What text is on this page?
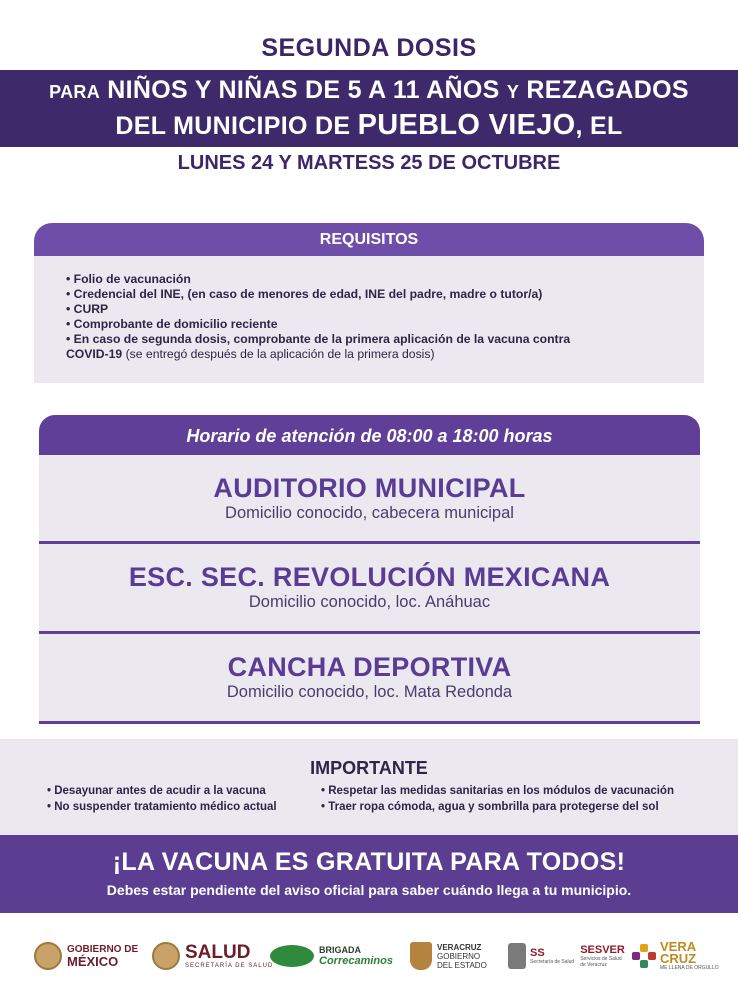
SEGUNDA DOSIS
PARA NIÑOS Y NIÑAS DE 5 A 11 AÑOS Y REZAGADOS
DEL MUNICIPIO DE PUEBLO VIEJO, EL
LUNES 24 Y MARTESS 25 DE OCTUBRE
REQUISITOS
• Folio de vacunación
• Credencial del INE, (en caso de menores de edad, INE del padre, madre o tutor/a)
• CURP
• Comprobante de domicilio reciente
• En caso de segunda dosis, comprobante de la primera aplicación de la vacuna contra
COVID-19 (se entregó después de la aplicación de la primera dosis)
Horario de atención de 08:00 a 18:00 horas
AUDITORIO MUNICIPAL
Domicilio conocido, cabecera municipal
ESC. SEC. REVOLUCIÓN MEXICANA
Domicilio conocido, loc. Anáhuac
CANCHA DEPORTIVA
Domicilio conocido, loc. Mata Redonda
IMPORTANTE
• Desayunar antes de acudir a la vacuna
• No suspender tratamiento médico actual
• Respetar las medidas sanitarias en los módulos de vacunación
• Traer ropa cómoda, agua y sombrilla para protegerse del sol
¡LA VACUNA ES GRATUITA PARA TODOS!
Debes estar pendiente del aviso oficial para saber cuándo llega a tu municipio.
GOBIERNO DE
MÉXICO	SALUD
SECRETARÍA DE SALUD
BRIGADA
Correcaminos
VERACRUZ
GOBIERNO
DEL ESTADO
SS
Secretaría de Salud
SESVER
Servicios de Salud de Veracruz
VERA
CRUZ
ME LLENA DE ORGULLO
